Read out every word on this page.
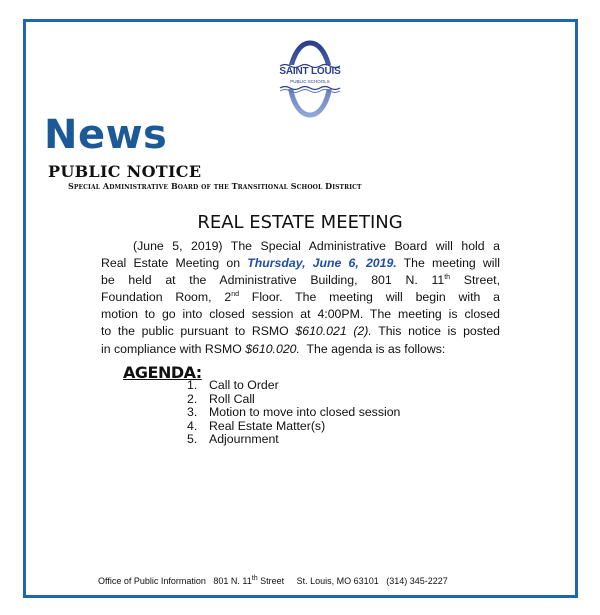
SAINT LOUIS
PUBLIC SCHOOLS
News
PUBLIC NOTICE
Special Administrative Board of the Transitional School District
REAL ESTATE MEETING
(June 5, 2019) The Special Administrative Board will hold a
Real Estate Meeting on Thursday, June 6, 2019. The meeting will
be held at the Administrative Building, 801 N. 11th Street,
Foundation Room, 2nd Floor. The meeting will begin with a
motion to go into closed session at 4:00PM. The meeting is closed
to the public pursuant to RSMO $610.021 (2). This notice is posted
in compliance with RSMO $610.020.  The agenda is as follows:
AGENDA:
1. Call to Order
2. Roll Call
3. Motion to move into closed session
4. Real Estate Matter(s)
5. Adjournment
Office of Public Information 801 N. 11th Street St. Louis, MO 63101 (314) 345-2227
